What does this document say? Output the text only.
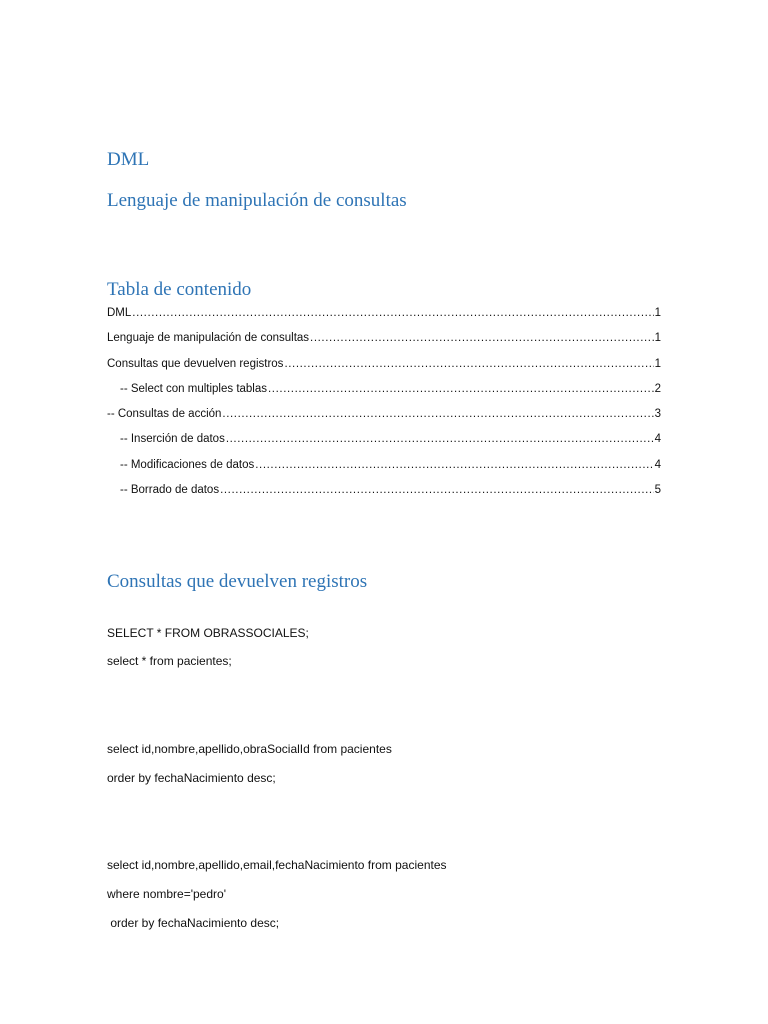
DML
Lenguaje de manipulación de consultas
Tabla de contenido
DML .....	1
Lenguaje de manipulación de consultas .....	1
Consultas que devuelven registros .....	1
-- Select con multiples tablas .....	2
-- Consultas de acción .....	3
-- Inserción de datos .....	4
-- Modificaciones de datos .....	4
-- Borrado de datos .....	5
Consultas que devuelven registros
SELECT * FROM OBRASSOCIALES;
select * from pacientes;
select id,nombre,apellido,obraSocialId from pacientes
order by fechaNacimiento desc;
select id,nombre,apellido,email,fechaNacimiento from pacientes
where nombre='pedro'
order by fechaNacimiento desc;
